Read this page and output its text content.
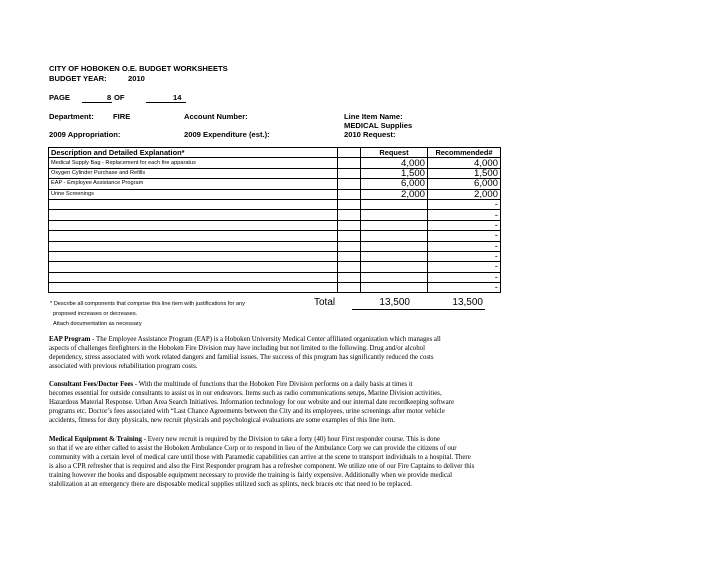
CITY OF HOBOKEN O.E. BUDGET WORKSHEETS
BUDGET YEAR:	2010
PAGE	8 OF	14
Department:	FIRE	Account Number:	Line Item Name:
MEDICAL Supplies
2009 Appropriation:	2009 Expenditure (est.):	2010 Request:
Description and Detailed Explanation*		Request	Recommended#
Medical Supply Bag - Replacement for each fire apparatus		4,000	4,000
Oxygen Cylinder Purchase and Refills		1,500	1,500
EAP - Employee Assistance Program		6,000	6,000
Urine Screenings		2,000	2,000
			-
			-
			-
			-
			-
			-
			-
			-
			-
Total	13,500	13,500
* Describe all components that comprise this line item with justifications for any
proposed increases or decreases.
Attach documentation as necessary
EAP Program - The Employee Assistance Program (EAP) is a Hoboken University Medical Center affiliated organization which manages all
aspects of challenges firefighters in the Hoboken Fire Division may have including but not limited to the following. Drug and/or alcohol
dependency, stress associated with work related dangers and familial issues. The success of this program has significantly reduced the costs
associated with previous rehabilitation program costs.
Consultant Fees/Doctor Fees - With the multitude of functions that the Hoboken Fire Division performs on a daily basis at times it
becomes essential for outside consultants to assist us in our endeavors. Items such as radio communications setups, Marine Division activities,
Hazardous Material Response. Urban Area Search Initiatives. Information technology for our website and our internal date recordkeeping software
programs etc. Doctor’s fees associated with “Last Chance Agreements between the City and its employees, urine screenings after motor vehicle
accidents, fitness for duty physicals, new recruit physicals and psychological evaluations are some examples of this line item.
Medical Equipment & Training - Every new recruit is required by the Division to take a forty (40) hour First responder course. This is done
so that if we are either called to assist the Hoboken Ambulance Corp or to respond in lieu of the Ambulance Corp we can provide the citizens of our
community with a certain level of medical care until those with Paramedic capabilities can arrive at the scene to transport individuals to a hospital. There
is also a CPR refresher that is required and also the First Responder program has a refresher component. We utilize one of our Fire Captains to deliver this
training however the books and disposable equipment necessary to provide the training is fairly expensive. Additionally when we provide medical
stabilization at an emergency there are disposable medical supplies utilized such as splints, neck braces etc that need to be replaced.
